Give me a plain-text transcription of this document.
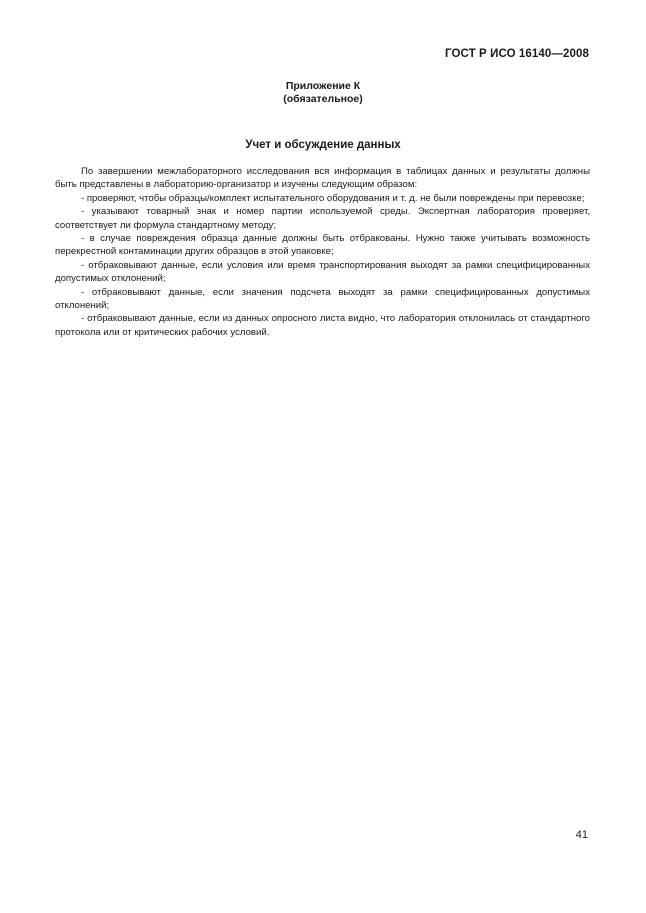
ГОСТ Р ИСО 16140—2008
Приложение К
(обязательное)
Учет и обсуждение данных

По завершении межлабораторного исследования вся информация в таблицах данных и результаты должны быть представлены в лабораторию-организатор и изучены следующим образом:

- проверяют, чтобы образцы/комплект испытательного оборудования и т. д. не были повреждены при перевозке;

- указывают товарный знак и номер партии используемой среды. Экспертная лаборатория проверяет, соответствует ли формула стандартному методу;

- в случае повреждения образца данные должны быть отбракованы. Нужно также учитывать возможность перекрестной контаминации других образцов в этой упаковке;

- отбраковывают данные, если условия или время транспортирования выходят за рамки специфицированных допустимых отклонений;

- отбраковывают данные, если значения подсчета выходят за рамки специфицированных допустимых отклонений;

- отбраковывают данные, если из данных опросного листа видно, что лаборатория отклонилась от стандартного протокола или от критических рабочих условий.

41
